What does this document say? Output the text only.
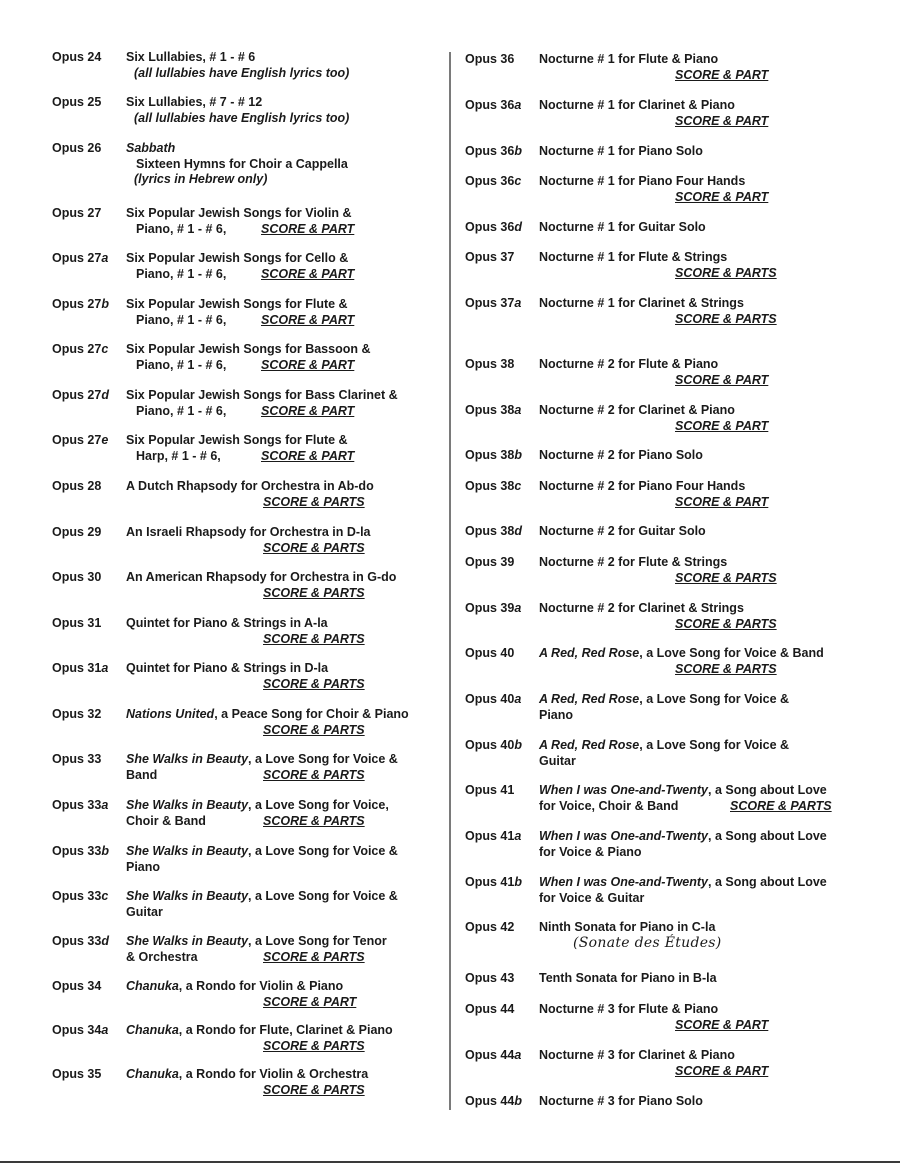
Opus 24 Six Lullabies, # 1 - # 6
(all lullabies have English lyrics too)
Opus 25 Six Lullabies, # 7 - # 12
(all lullabies have English lyrics too)
Opus 26 Sabbath
Sixteen Hymns for Choir a Cappella
(lyrics in Hebrew only)
Opus 27 Six Popular Jewish Songs for Violin &
Piano, # 1 - # 6,	SCORE & PART
Opus 27a Six Popular Jewish Songs for Cello &
Piano, # 1 - # 6,	SCORE & PART
Opus 27b Six Popular Jewish Songs for Flute &
Piano, # 1 - # 6,	SCORE & PART
Opus 27c Six Popular Jewish Songs for Bassoon &
Piano, # 1 - # 6,	SCORE & PART
Opus 27d Six Popular Jewish Songs for Bass Clarinet &
Piano, # 1 - # 6,	SCORE & PART
Opus 27e Six Popular Jewish Songs for Flute &
Harp, # 1 - # 6,	SCORE & PART
Opus 28 A Dutch Rhapsody for Orchestra in Ab-do
SCORE & PARTS
Opus 29 An Israeli Rhapsody for Orchestra in D-la
SCORE & PARTS
Opus 30 An American Rhapsody for Orchestra in G-do
SCORE & PARTS
Opus 31 Quintet for Piano & Strings in A-la
SCORE & PARTS
Opus 31a Quintet for Piano & Strings in D-la
SCORE & PARTS
Opus 32 Nations United, a Peace Song for Choir & Piano
SCORE & PARTS
Opus 33 She Walks in Beauty, a Love Song for Voice &
Band	SCORE & PARTS
Opus 33a She Walks in Beauty, a Love Song for Voice,
Choir & Band	SCORE & PARTS
Opus 33b She Walks in Beauty, a Love Song for Voice &
Piano
Opus 33c She Walks in Beauty, a Love Song for Voice &
Guitar
Opus 33d She Walks in Beauty, a Love Song for Tenor
& Orchestra	SCORE & PARTS
Opus 34 Chanuka, a Rondo for Violin & Piano
SCORE & PART
Opus 34a Chanuka, a Rondo for Flute, Clarinet & Piano
SCORE & PARTS
Opus 35 Chanuka, a Rondo for Violin & Orchestra
SCORE & PARTS
Opus 36 Nocturne # 1 for Flute & Piano
SCORE & PART
Opus 36a Nocturne # 1 for Clarinet & Piano
SCORE & PART
Opus 36b Nocturne # 1 for Piano Solo
Opus 36c Nocturne # 1 for Piano Four Hands
SCORE & PART
Opus 36d Nocturne # 1 for Guitar Solo
Opus 37 Nocturne # 1 for Flute & Strings
SCORE & PARTS
Opus 37a Nocturne # 1 for Clarinet & Strings
SCORE & PARTS
Opus 38 Nocturne # 2 for Flute & Piano
SCORE & PART
Opus 38a Nocturne # 2 for Clarinet & Piano
SCORE & PART
Opus 38b Nocturne # 2 for Piano Solo
Opus 38c Nocturne # 2 for Piano Four Hands
SCORE & PART
Opus 38d Nocturne # 2 for Guitar Solo
Opus 39 Nocturne # 2 for Flute & Strings
SCORE & PARTS
Opus 39a Nocturne # 2 for Clarinet & Strings
SCORE & PARTS
Opus 40 A Red, Red Rose, a Love Song for Voice & Band
SCORE & PARTS
Opus 40a A Red, Red Rose, a Love Song for Voice &
Piano
Opus 40b A Red, Red Rose, a Love Song for Voice &
Guitar
Opus 41 When I was One-and-Twenty, a Song about Love
for Voice, Choir & Band	SCORE & PARTS
Opus 41a When I was One-and-Twenty, a Song about Love
for Voice & Piano
Opus 41b When I was One-and-Twenty, a Song about Love
for Voice & Guitar
Opus 42 Ninth Sonata for Piano in C-la
(Sonate des Études)
Opus 43 Tenth Sonata for Piano in B-la
Opus 44 Nocturne # 3 for Flute & Piano
SCORE & PART
Opus 44a Nocturne # 3 for Clarinet & Piano
SCORE & PART
Opus 44b Nocturne # 3 for Piano Solo
